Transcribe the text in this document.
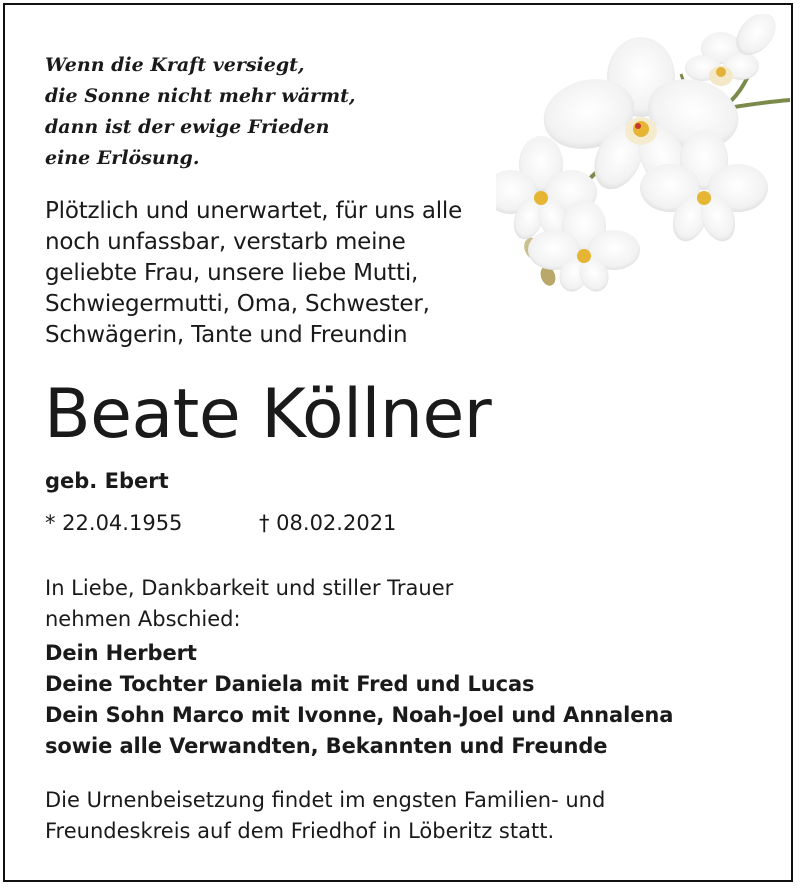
Wenn die Kraft versiegt,
die Sonne nicht mehr wärmt,
dann ist der ewige Frieden
eine Erlösung.
Plötzlich und unerwartet, für uns alle
noch unfassbar, verstarb meine
geliebte Frau, unsere liebe Mutti,
Schwiegermutti, Oma, Schwester,
Schwägerin, Tante und Freundin
Beate Köllner
geb. Ebert
* 22.04.1955	† 08.02.2021
In Liebe, Dankbarkeit und stiller Trauer
nehmen Abschied:
Dein Herbert
Deine Tochter Daniela mit Fred und Lucas
Dein Sohn Marco mit Ivonne, Noah-Joel und Annalena
sowie alle Verwandten, Bekannten und Freunde
Die Urnenbeisetzung findet im engsten Familien- und
Freundeskreis auf dem Friedhof in Löberitz statt.
